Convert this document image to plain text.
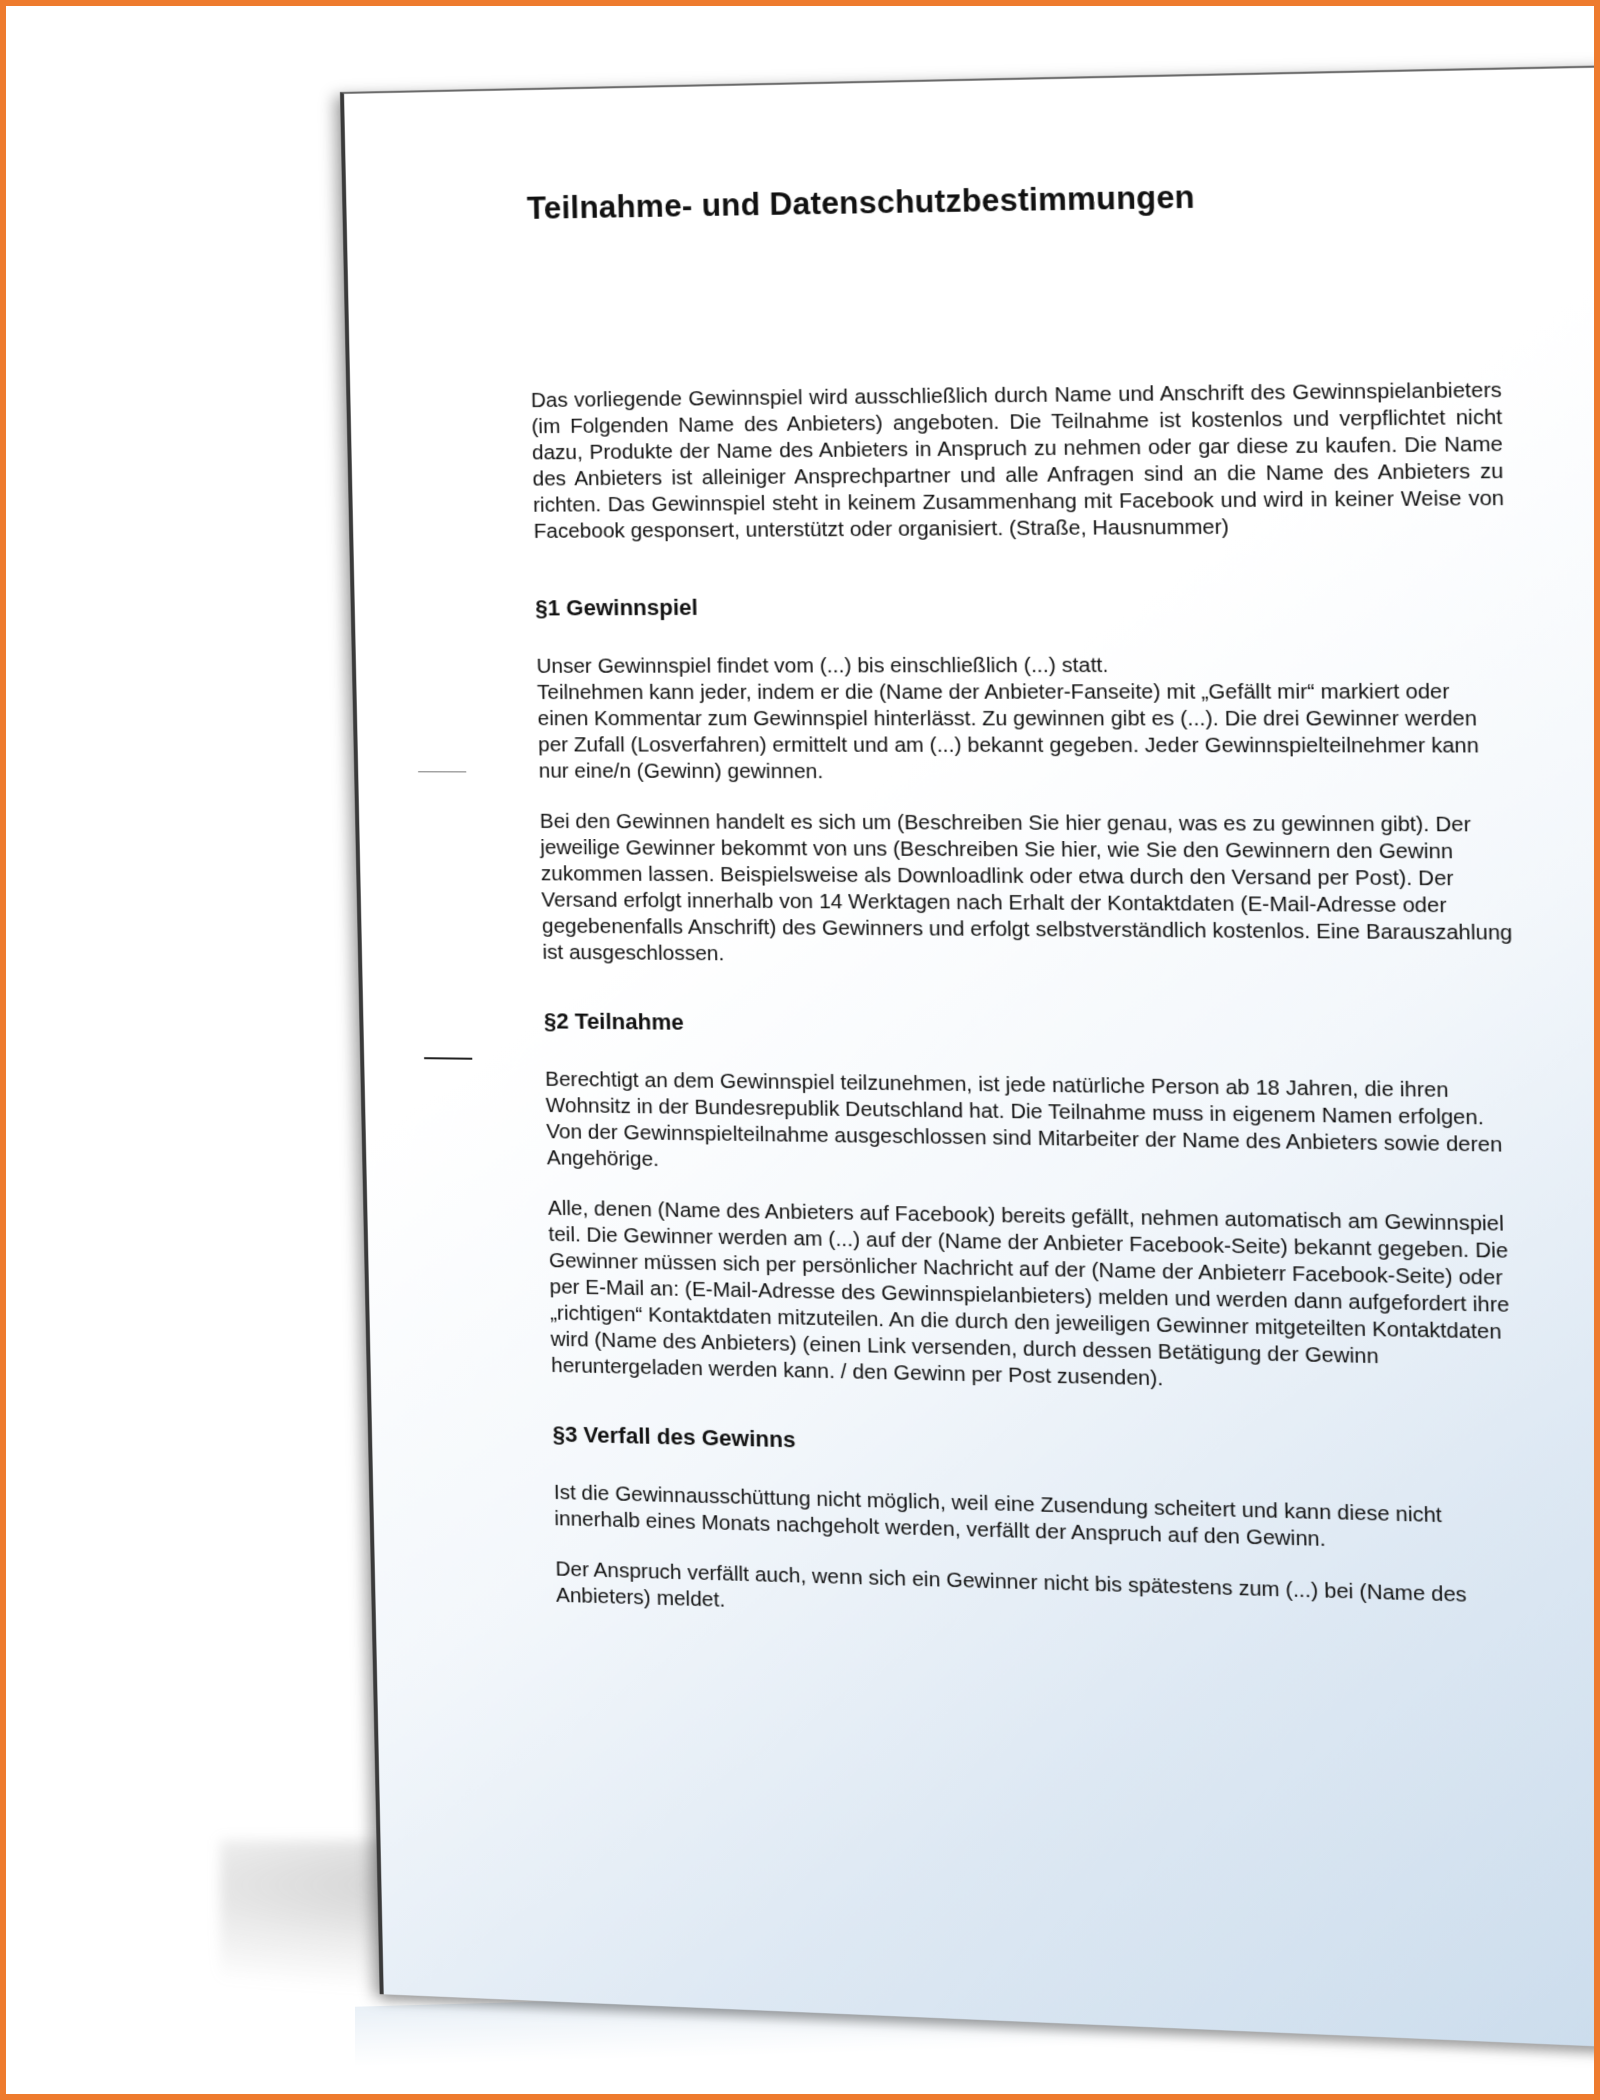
Teilnahme- und Datenschutzbestimmungen

Das vorliegende Gewinnspiel wird ausschließlich durch Name und Anschrift des Gewinnspielanbieters (im Folgenden Name des Anbieters) angeboten. Die Teilnahme ist kostenlos und verpflichtet nicht dazu, Produkte der Name des Anbieters in Anspruch zu nehmen oder gar diese zu kaufen. Die Name des Anbieters ist alleiniger Ansprechpartner und alle Anfragen sind an die Name des Anbieters zu richten. Das Gewinnspiel steht in keinem Zusammenhang mit Facebook und wird in keiner Weise von Facebook gesponsert, unterstützt oder organisiert. (Straße, Hausnummer)

§1 Gewinnspiel

Unser Gewinnspiel findet vom (...) bis einschließlich (...) statt.
Teilnehmen kann jeder, indem er die (Name der Anbieter-Fanseite) mit „Gefällt mir“ markiert oder einen Kommentar zum Gewinnspiel hinterlässt. Zu gewinnen gibt es (...). Die drei Gewinner werden per Zufall (Losverfahren) ermittelt und am (...) bekannt gegeben. Jeder Gewinnspielteilnehmer kann nur eine/n (Gewinn) gewinnen.

Bei den Gewinnen handelt es sich um (Beschreiben Sie hier genau, was es zu gewinnen gibt). Der jeweilige Gewinner bekommt von uns (Beschreiben Sie hier, wie Sie den Gewinnern den Gewinn zukommen lassen. Beispielsweise als Downloadlink oder etwa durch den Versand per Post). Der Versand erfolgt innerhalb von 14 Werktagen nach Erhalt der Kontaktdaten (E-Mail-Adresse oder gegebenenfalls Anschrift) des Gewinners und erfolgt selbstverständlich kostenlos. Eine Barauszahlung ist ausgeschlossen.

§2 Teilnahme

Berechtigt an dem Gewinnspiel teilzunehmen, ist jede natürliche Person ab 18 Jahren, die ihren Wohnsitz in der Bundesrepublik Deutschland hat. Die Teilnahme muss in eigenem Namen erfolgen. Von der Gewinnspielteilnahme ausgeschlossen sind Mitarbeiter der Name des Anbieters sowie deren Angehörige.

Alle, denen (Name des Anbieters auf Facebook) bereits gefällt, nehmen automatisch am Gewinnspiel teil. Die Gewinner werden am (...) auf der (Name der Anbieter Facebook-Seite) bekannt gegeben. Die Gewinner müssen sich per persönlicher Nachricht auf der (Name der Anbieterr Facebook-Seite) oder per E-Mail an: (E-Mail-Adresse des Gewinnspielanbieters) melden und werden dann aufgefordert ihre „richtigen“ Kontaktdaten mitzuteilen. An die durch den jeweiligen Gewinner mitgeteilten Kontaktdaten wird (Name des Anbieters) (einen Link versenden, durch dessen Betätigung der Gewinn heruntergeladen werden kann. / den Gewinn per Post zusenden).

§3 Verfall des Gewinns

Ist die Gewinnausschüttung nicht möglich, weil eine Zusendung scheitert und kann diese nicht innerhalb eines Monats nachgeholt werden, verfällt der Anspruch auf den Gewinn.

Der Anspruch verfällt auch, wenn sich ein Gewinner nicht bis spätestens zum (...) bei (Name des Anbieters) meldet.
